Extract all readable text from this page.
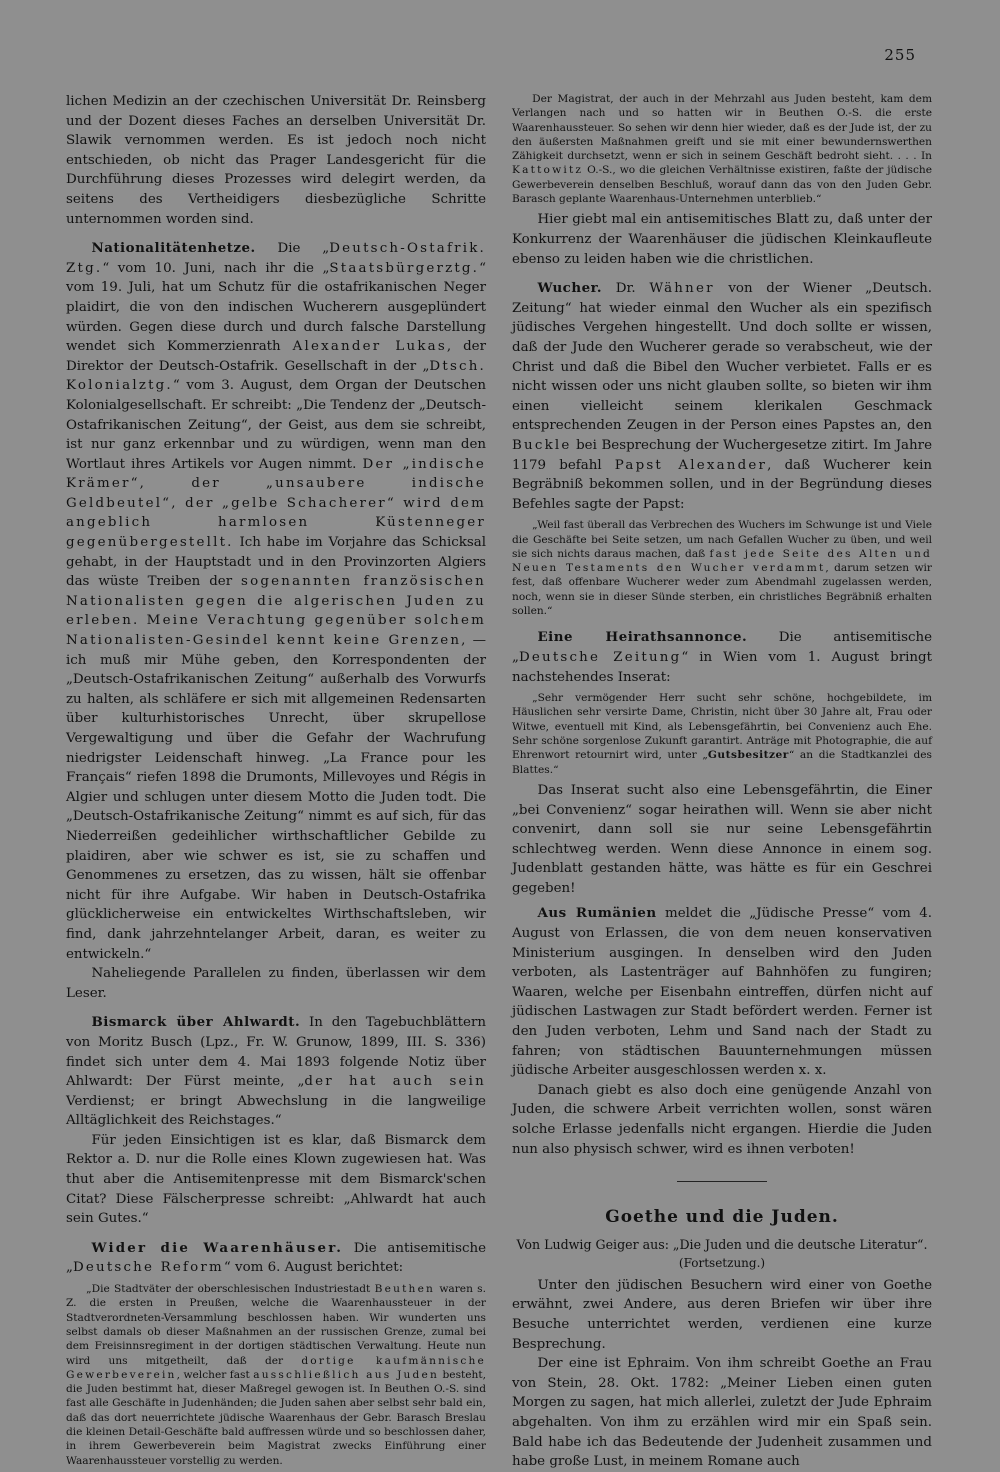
255

lichen Medizin an der czechischen Universität Dr. Reinsberg und der Dozent dieses Faches an derselben Universität Dr. Slawik vernommen werden. Es ist jedoch noch nicht entschieden, ob nicht das Prager Landesgericht für die Durchführung dieses Prozesses wird delegirt werden, da seitens des Vertheidigers diesbezügliche Schritte unternommen worden sind.

Nationalitätenhetze. Die „Deutsch-Ostafrik. Ztg.“ vom 10. Juni, nach ihr die „Staatsbürgerztg.“ vom 19. Juli, hat um Schutz für die ostafrikanischen Neger plaidirt, die von den indischen Wucherern ausgeplündert würden. Gegen diese durch und durch falsche Darstellung wendet sich Kommerzienrath Alexander Lukas, der Direktor der Deutsch-Ostafrik. Gesellschaft in der „Dtsch. Kolonialztg.“ vom 3. August, dem Organ der Deutschen Kolonialgesellschaft. Er schreibt: „Die Tendenz der „Deutsch-Ostafrikanischen Zeitung“, der Geist, aus dem sie schreibt, ist nur ganz erkennbar und zu würdigen, wenn man den Wortlaut ihres Artikels vor Augen nimmt. Der „indische Krämer“, der „unsaubere indische Geldbeutel“, der „gelbe Schacherer“ wird dem angeblich harmlosen Küstenneger gegenübergestellt. Ich habe im Vorjahre das Schicksal gehabt, in der Hauptstadt und in den Provinzorten Algiers das wüste Treiben der sogenannten französischen Nationalisten gegen die algerischen Juden zu erleben. Meine Verachtung gegenüber solchem Nationalisten-Gesindel kennt keine Grenzen, — ich muß mir Mühe geben, den Korrespondenten der „Deutsch-Ostafrikanischen Zeitung“ außerhalb des Vorwurfs zu halten, als schläfere er sich mit allgemeinen Redensarten über kulturhistorisches Unrecht, über skrupellose Vergewaltigung und über die Gefahr der Wachrufung niedrigster Leidenschaft hinweg. „La France pour les Français“ riefen 1898 die Drumonts, Millevoyes und Régis in Algier und schlugen unter diesem Motto die Juden todt. Die „Deutsch-Ostafrikanische Zeitung“ nimmt es auf sich, für das Niederreißen gedeihlicher wirthschaftlicher Gebilde zu plaidiren, aber wie schwer es ist, sie zu schaffen und Genommenes zu ersetzen, das zu wissen, hält sie offenbar nicht für ihre Aufgabe. Wir haben in Deutsch-Ostafrika glücklicherweise ein entwickeltes Wirthschaftsleben, wir find, dank jahrzehntelanger Arbeit, daran, es weiter zu entwickeln.“

Naheliegende Parallelen zu finden, überlassen wir dem Leser.

Bismarck über Ahlwardt. In den Tagebuchblättern von Moritz Busch (Lpz., Fr. W. Grunow, 1899, III. S. 336) findet sich unter dem 4. Mai 1893 folgende Notiz über Ahlwardt: Der Fürst meinte, „der hat auch sein Verdienst; er bringt Abwechslung in die langweilige Alltäglichkeit des Reichstages.“

Für jeden Einsichtigen ist es klar, daß Bismarck dem Rektor a. D. nur die Rolle eines Klown zugewiesen hat. Was thut aber die Antisemitenpresse mit dem Bismarck'schen Citat? Diese Fälscherpresse schreibt: „Ahlwardt hat auch sein Gutes.“

Wider die Waarenhäuser. Die antisemitische „Deutsche Reform“ vom 6. August berichtet:

„Die Stadtväter der oberschlesischen Industriestadt Beuthen waren s. Z. die ersten in Preußen, welche die Waarenhaussteuer in der Stadtverordneten-Versammlung beschlossen haben. Wir wunderten uns selbst damals ob dieser Maßnahmen an der russischen Grenze, zumal bei dem Freisinnsregiment in der dortigen städtischen Verwaltung. Heute nun wird uns mitgetheilt, daß der dortige kaufmännische Gewerbeverein, welcher fast ausschließlich aus Juden besteht, die Juden bestimmt hat, dieser Maßregel gewogen ist. In Beuthen O.-S. sind fast alle Geschäfte in Judenhänden; die Juden sahen aber selbst sehr bald ein, daß das dort neuerrichtete jüdische Waarenhaus der Gebr. Barasch Breslau die kleinen Detail-Geschäfte bald auffressen würde und so beschlossen daher, in ihrem Gewerbeverein beim Magistrat zwecks Einführung einer Waarenhaussteuer vorstellig zu werden.

Der Magistrat, der auch in der Mehrzahl aus Juden besteht, kam dem Verlangen nach und so hatten wir in Beuthen O.-S. die erste Waarenhaussteuer. So sehen wir denn hier wieder, daß es der Jude ist, der zu den äußersten Maßnahmen greift und sie mit einer bewundernswerthen Zähigkeit durchsetzt, wenn er sich in seinem Geschäft bedroht sieht. . . . In Kattowitz O.-S., wo die gleichen Verhältnisse existiren, faßte der jüdische Gewerbeverein denselben Beschluß, worauf dann das von den Juden Gebr. Barasch geplante Waarenhaus-Unternehmen unterblieb.“

Hier giebt mal ein antisemitisches Blatt zu, daß unter der Konkurrenz der Waarenhäuser die jüdischen Kleinkaufleute ebenso zu leiden haben wie die christlichen.

Wucher. Dr. Wähner von der Wiener „Deutsch. Zeitung“ hat wieder einmal den Wucher als ein spezifisch jüdisches Vergehen hingestellt. Und doch sollte er wissen, daß der Jude den Wucherer gerade so verabscheut, wie der Christ und daß die Bibel den Wucher verbietet. Falls er es nicht wissen oder uns nicht glauben sollte, so bieten wir ihm einen vielleicht seinem klerikalen Geschmack entsprechenden Zeugen in der Person eines Papstes an, den Buckle bei Besprechung der Wuchergesetze zitirt. Im Jahre 1179 befahl Papst Alexander, daß Wucherer kein Begräbniß bekommen sollen, und in der Begründung dieses Befehles sagte der Papst:

„Weil fast überall das Verbrechen des Wuchers im Schwunge ist und Viele die Geschäfte bei Seite setzen, um nach Gefallen Wucher zu üben, und weil sie sich nichts daraus machen, daß fast jede Seite des Alten und Neuen Testaments den Wucher verdammt, darum setzen wir fest, daß offenbare Wucherer weder zum Abendmahl zugelassen werden, noch, wenn sie in dieser Sünde sterben, ein christliches Begräbniß erhalten sollen.“

Eine Heirathsannonce. Die antisemitische „Deutsche Zeitung“ in Wien vom 1. August bringt nachstehendes Inserat:

„Sehr vermögender Herr sucht sehr schöne, hochgebildete, im Häuslichen sehr versirte Dame, Christin, nicht über 30 Jahre alt, Frau oder Witwe, eventuell mit Kind, als Lebensgefährtin, bei Convenienz auch Ehe. Sehr schöne sorgenlose Zukunft garantirt. Anträge mit Photographie, die auf Ehrenwort retournirt wird, unter „Gutsbesitzer“ an die Stadtkanzlei des Blattes.“

Das Inserat sucht also eine Lebensgefährtin, die Einer „bei Convenienz“ sogar heirathen will. Wenn sie aber nicht convenirt, dann soll sie nur seine Lebensgefährtin schlechtweg werden. Wenn diese Annonce in einem sog. Judenblatt gestanden hätte, was hätte es für ein Geschrei gegeben!

Aus Rumänien meldet die „Jüdische Presse“ vom 4. August von Erlassen, die von dem neuen konservativen Ministerium ausgingen. In denselben wird den Juden verboten, als Lastenträger auf Bahnhöfen zu fungiren; Waaren, welche per Eisenbahn eintreffen, dürfen nicht auf jüdischen Lastwagen zur Stadt befördert werden. Ferner ist den Juden verboten, Lehm und Sand nach der Stadt zu fahren; von städtischen Bauunternehmungen müssen jüdische Arbeiter ausgeschlossen werden x. x.

Danach giebt es also doch eine genügende Anzahl von Juden, die schwere Arbeit verrichten wollen, sonst wären solche Erlasse jedenfalls nicht ergangen. Hierdie die Juden nun also physisch schwer, wird es ihnen verboten!

Goethe und die Juden.
Von Ludwig Geiger aus: „Die Juden und die deutsche Literatur“.
(Fortsetzung.)

Unter den jüdischen Besuchern wird einer von Goethe erwähnt, zwei Andere, aus deren Briefen wir über ihre Besuche unterrichtet werden, verdienen eine kurze Besprechung.

Der eine ist Ephraim. Von ihm schreibt Goethe an Frau von Stein, 28. Okt. 1782: „Meiner Lieben einen guten Morgen zu sagen, hat mich allerlei, zuletzt der Jude Ephraim abgehalten. Von ihm zu erzählen wird mir ein Spaß sein. Bald habe ich das Bedeutende der Judenheit zusammen und habe große Lust, in meinem Romane auch
